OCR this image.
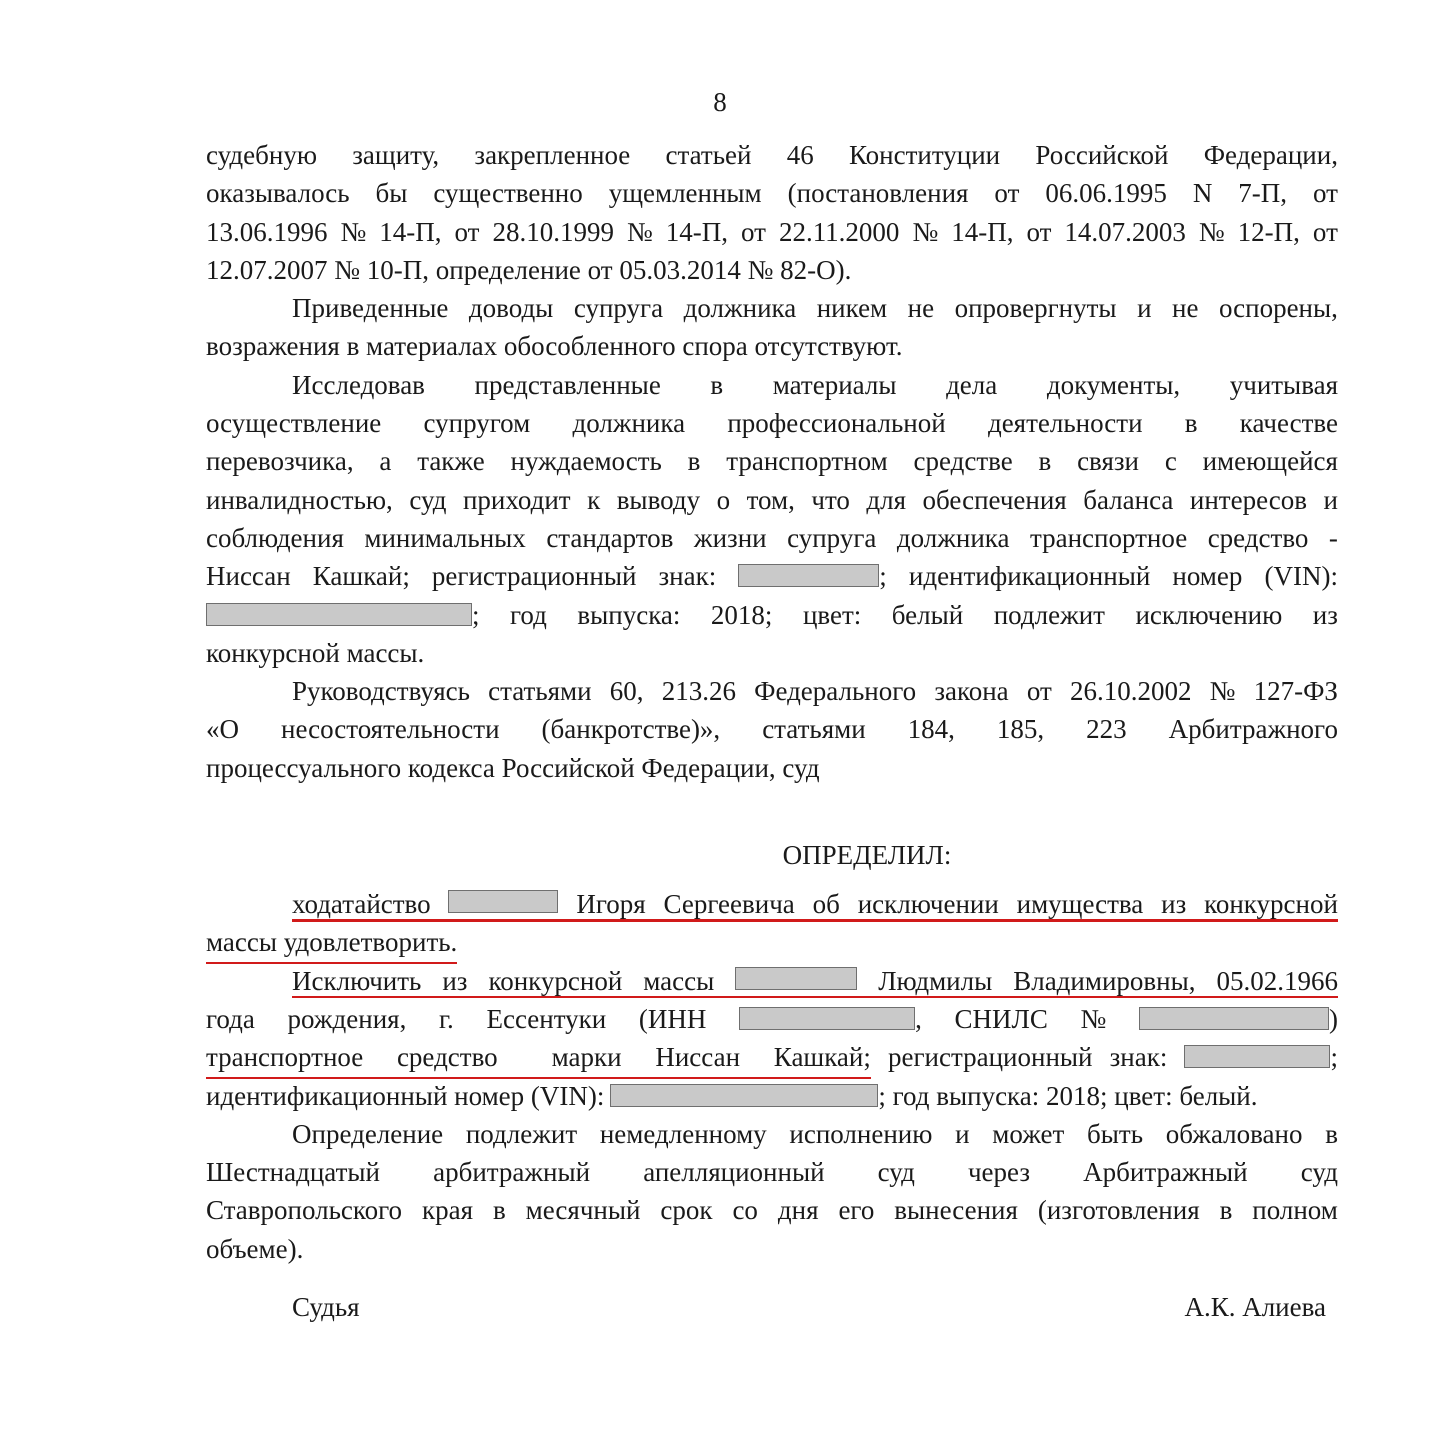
8
судебную защиту, закрепленное статьей 46 Конституции Российской Федерации,
оказывалось бы существенно ущемленным (постановления от 06.06.1995 N 7-П, от
13.06.1996 № 14-П, от 28.10.1999 № 14-П, от 22.11.2000 № 14-П, от 14.07.2003 № 12-П, от
12.07.2007 № 10-П, определение от 05.03.2014 № 82-О).
Приведенные доводы супруга должника никем не опровергнуты и не оспорены,
возражения в материалах обособленного спора отсутствуют.
Исследовав представленные в материалы дела документы, учитывая
осуществление супругом должника профессиональной деятельности в качестве
перевозчика, а также нуждаемость в транспортном средстве в связи с имеющейся
инвалидностью, суд приходит к выводу о том, что для обеспечения баланса интересов и
соблюдения минимальных стандартов жизни супруга должника транспортное средство -
Ниссан Кашкай; регистрационный знак:	; идентификационный номер (VIN):
; год выпуска: 2018; цвет: белый подлежит исключению из
конкурсной массы.
Руководствуясь статьями 60, 213.26 Федерального закона от 26.10.2002 № 127-ФЗ
«О несостоятельности (банкротстве)», статьями 184, 185, 223 Арбитражного
процессуального кодекса Российской Федерации, суд
ОПРЕДЕЛИЛ:
ходатайство	Игоря Сергеевича об исключении имущества из конкурсной
массы удовлетворить.
Исключить из конкурсной массы	Людмилы Владимировны, 05.02.1966
года рождения, г. Ессентуки (ИНН	, СНИЛС №	)
транспортное средство марки Ниссан Кашкай; регистрационный знак:	;
идентификационный номер (VIN):	; год выпуска: 2018; цвет: белый.
Определение подлежит немедленному исполнению и может быть обжаловано в
Шестнадцатый арбитражный апелляционный суд через Арбитражный суд
Ставропольского края в месячный срок со дня его вынесения (изготовления в полном
объеме).
Судья	А.К. Алиева
